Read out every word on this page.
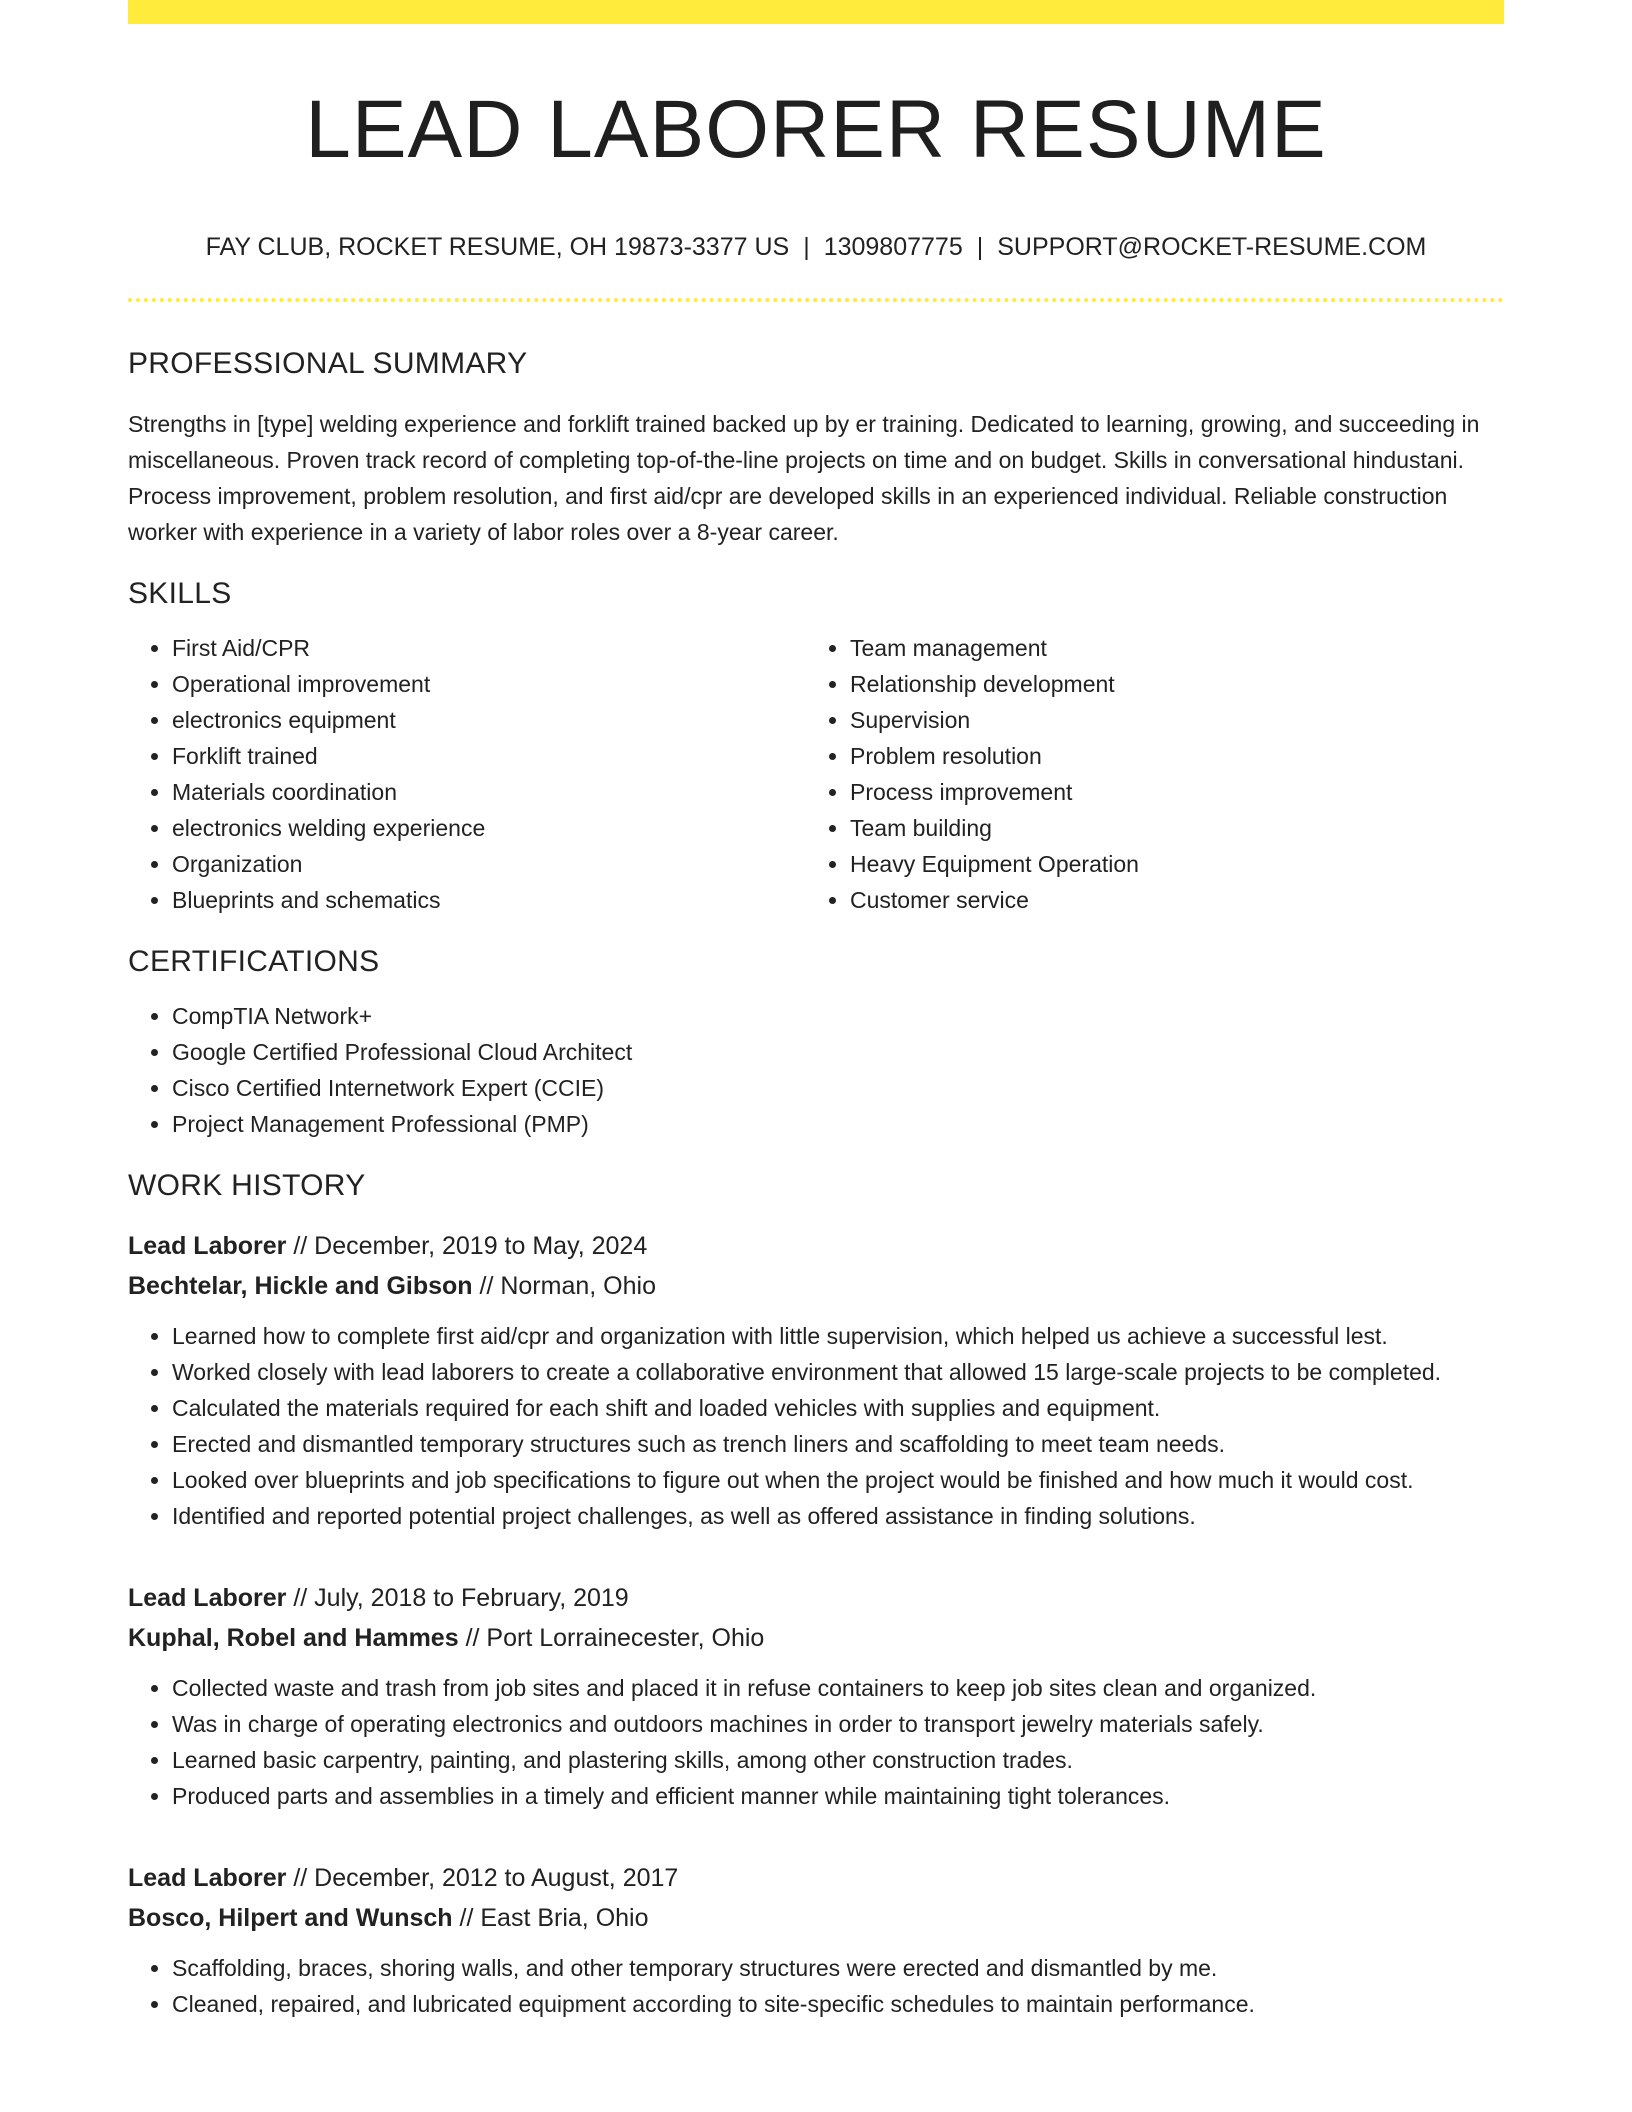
LEAD LABORER RESUME
FAY CLUB, ROCKET RESUME, OH 19873-3377 US | 1309807775 | SUPPORT@ROCKET-RESUME.COM
PROFESSIONAL SUMMARY

Strengths in [type] welding experience and forklift trained backed up by er training. Dedicated to learning, growing, and succeeding in miscellaneous. Proven track record of completing top-of-the-line projects on time and on budget. Skills in conversational hindustani. Process improvement, problem resolution, and first aid/cpr are developed skills in an experienced individual. Reliable construction worker with experience in a variety of labor roles over a 8-year career.

SKILLS
• First Aid/CPR
• Operational improvement
• electronics equipment
• Forklift trained
• Materials coordination
• electronics welding experience
• Organization
• Blueprints and schematics
• Team management
• Relationship development
• Supervision
• Problem resolution
• Process improvement
• Team building
• Heavy Equipment Operation
• Customer service
CERTIFICATIONS
• CompTIA Network+
• Google Certified Professional Cloud Architect
• Cisco Certified Internetwork Expert (CCIE)
• Project Management Professional (PMP)
WORK HISTORY
Lead Laborer // December, 2019 to May, 2024
Bechtelar, Hickle and Gibson // Norman, Ohio
• Learned how to complete first aid/cpr and organization with little supervision, which helped us achieve a successful lest.
• Worked closely with lead laborers to create a collaborative environment that allowed 15 large-scale projects to be completed.
• Calculated the materials required for each shift and loaded vehicles with supplies and equipment.
• Erected and dismantled temporary structures such as trench liners and scaffolding to meet team needs.
• Looked over blueprints and job specifications to figure out when the project would be finished and how much it would cost.
• Identified and reported potential project challenges, as well as offered assistance in finding solutions.
Lead Laborer // July, 2018 to February, 2019
Kuphal, Robel and Hammes // Port Lorrainecester, Ohio
• Collected waste and trash from job sites and placed it in refuse containers to keep job sites clean and organized.
• Was in charge of operating electronics and outdoors machines in order to transport jewelry materials safely.
• Learned basic carpentry, painting, and plastering skills, among other construction trades.
• Produced parts and assemblies in a timely and efficient manner while maintaining tight tolerances.
Lead Laborer // December, 2012 to August, 2017
Bosco, Hilpert and Wunsch // East Bria, Ohio
• Scaffolding, braces, shoring walls, and other temporary structures were erected and dismantled by me.
• Cleaned, repaired, and lubricated equipment according to site-specific schedules to maintain performance.
